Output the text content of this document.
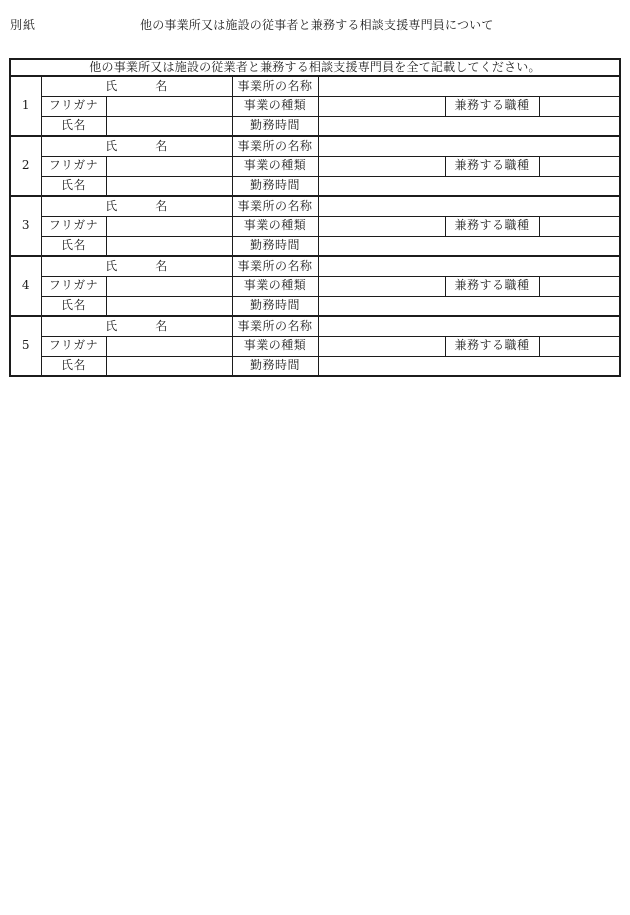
別紙	他の事業所又は施設の従事者と兼務する相談支援専門員について
他の事業所又は施設の従業者と兼務する相談支援専門員を全て記載してください。						
1	氏　　　名		事業所の名称			
	フリガナ		事業の種類		兼務する職種	
	氏名		勤務時間			
2	氏　　　名		事業所の名称			
	フリガナ		事業の種類		兼務する職種	
	氏名		勤務時間			
3	氏　　　名		事業所の名称			
	フリガナ		事業の種類		兼務する職種	
	氏名		勤務時間			
4	氏　　　名		事業所の名称			
	フリガナ		事業の種類		兼務する職種	
	氏名		勤務時間			
5	氏　　　名		事業所の名称			
	フリガナ		事業の種類		兼務する職種	
	氏名		勤務時間			
